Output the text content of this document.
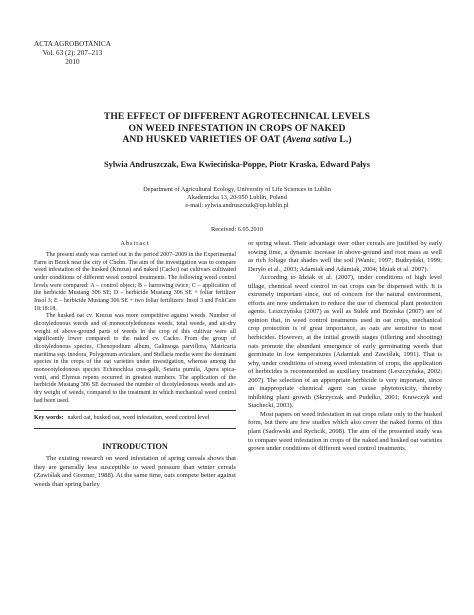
ACTA AGROBOTANICA
Vol. 63 (2): 207–213
2010
THE EFFECT OF DIFFERENT AGROTECHNICAL LEVELS
ON WEED INFESTATION IN CROPS OF NAKED
AND HUSKED VARIETIES OF OAT (Avena sativa L.)
Sylwia Andruszczak, Ewa Kwiecińska-Poppe, Piotr Kraska, Edward Pałys
Department of Agricultural Ecology, University of Life Sciences in Lublin
Akademicka 13, 20-950 Lublin, Poland
e-mail: sylwia.andruszczak@up.lublin.pl
Received: 6.05.2010
Abstract

The present study was carried out in the period 2007–2009 in the Experimental Farm in Bezek near the city of Chełm. The aim of the investigation was to compare weed infestation of the husked (Krezus) and naked (Cacko) oat cultivars cultivated under conditions of different weed control treatments. The following weed control levels were compared: A – control object; B – harrowing twice; C – application of the herbicide Mustang 306 SE; D – herbicide Mustang 306 SE + foliar fertilizer Insol 3; E – herbicide Mustang 306 SE + two foliar fertilizers: Insol 3 and FoliCare 18:18:18.

The husked oat cv. Krezus was more competitive against weeds. Number of dicotyledonous weeds and of monocotyledonous weeds, total weeds, and air-dry weight of above-ground parts of weeds in the crop of this cultivar were all significantly lower compared to the naked cv. Cacko. From the group of dicotyledonous species, Chenopodium album, Galinsoga parviflora, Matricaria maritima ssp. inodora, Polygonum aviculare, and Stellaria media were the dominant species in the crops of the oat varieties under investigation, whereas among the monocotyledonous species Echinochloa crus-galli, Setaria pumila, Apera spica-venti, and Elymus repens occurred in greatest numbers. The application of the herbicide Mustang 306 SE decreased the number of dicotyledonous weeds and air-dry weight of weeds, compared to the treatment in which mechanical weed control had been used.

Key words: naked oat, husked oat, weed infestation, weed control level
INTRODUCTION

The existing research on weed infestation of spring cereals shows that they are generally less susceptible to weed pressure than winter cereals (Zawiślak and Grezner, 1988). At the same time, oats compete better against weeds than spring barley

or spring wheat. Their advantage over other cereals are justified by early sowing time, a dynamic increase in above-ground and root mass as well as rich foliage that shades well the soil (Wanic, 1997; Budzyński, 1999; Deryło et al., 2003; Adamiak and Adamiak, 2004; Idziak et al. 2007).

According to Idziak et al. (2007), under conditions of high level tillage, chemical weed control in oat crops can be dispensed with. It is extremely important since, out of concern for the natural environment, efforts are now undertaken to reduce the use of chemical plant protection agents. Leszczyńska (2007) as well as Sułek and Brzóska (2007) are of opinion that, in weed control treatments used in oat crops, mechanical crop protection is of great importance, as oats are sensitive to most herbicides. However, at the initial growth stages (tillering and shooting) oats promote the abundant emergence of early germinating weeds that germinate in low temperatures (Adamiak and Zawiślak, 1991). That is why, under conditions of strong weed infestation of crops, the application of herbicides is recommended as auxiliary treatment (Leszczyńska, 2002; 2007). The selection of an appropriate herbicide is very important, since an inappropriate chemical agent can cause phytotoxicity, thereby inhibiting plant growth (Skrzyczak and Pudełko, 2001; Krawczyk and Stachecki, 2003).

Most papers on weed infestation in oat crops relate only to the husked form, but there are few studies which also cover the naked forms of this plant (Sadowski and Rychcik, 2008). The aim of the presented study was to compare weed infestation in crops of the naked and husked oat varieties grown under conditions of different weed control treatments.
